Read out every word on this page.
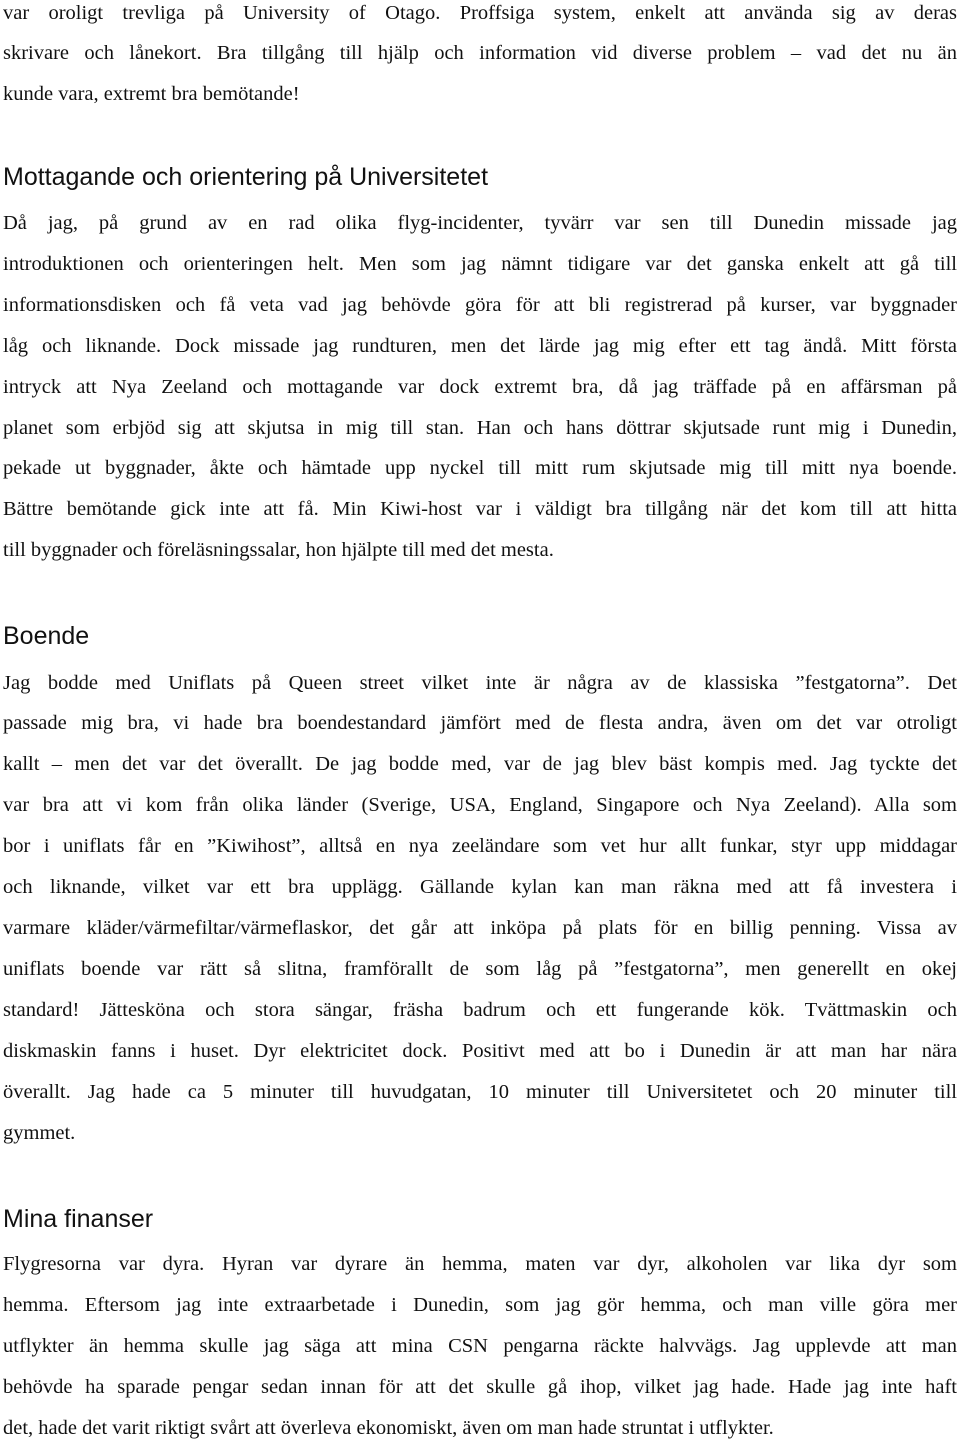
var oroligt trevliga på University of Otago. Proffsiga system, enkelt att använda sig av deras
skrivare och lånekort. Bra tillgång till hjälp och information vid diverse problem – vad det nu än
kunde vara, extremt bra bemötande!
Mottagande och orientering på Universitetet
Då jag, på grund av en rad olika flyg-incidenter, tyvärr var sen till Dunedin missade jag
introduktionen och orienteringen helt. Men som jag nämnt tidigare var det ganska enkelt att gå till
informationsdisken och få veta vad jag behövde göra för att bli registrerad på kurser, var byggnader
låg och liknande. Dock missade jag rundturen, men det lärde jag mig efter ett tag ändå. Mitt första
intryck att Nya Zeeland och mottagande var dock extremt bra, då jag träffade på en affärsman på
planet som erbjöd sig att skjutsa in mig till stan. Han och hans döttrar skjutsade runt mig i Dunedin,
pekade ut byggnader, åkte och hämtade upp nyckel till mitt rum skjutsade mig till mitt nya boende.
Bättre bemötande gick inte att få. Min Kiwi-host var i väldigt bra tillgång när det kom till att hitta
till byggnader och föreläsningssalar, hon hjälpte till med det mesta.
Boende
Jag bodde med Uniflats på Queen street vilket inte är några av de klassiska ”festgatorna”. Det
passade mig bra, vi hade bra boendestandard jämfört med de flesta andra, även om det var otroligt
kallt – men det var det överallt. De jag bodde med, var de jag blev bäst kompis med. Jag tyckte det
var bra att vi kom från olika länder (Sverige, USA, England, Singapore och Nya Zeeland). Alla som
bor i uniflats får en ”Kiwihost”, alltså en nya zeeländare som vet hur allt funkar, styr upp middagar
och liknande, vilket var ett bra upplägg. Gällande kylan kan man räkna med att få investera i
varmare kläder/värmefiltar/värmeflaskor, det går att inköpa på plats för en billig penning. Vissa av
uniflats boende var rätt så slitna, framförallt de som låg på ”festgatorna”, men generellt en okej
standard! Jättesköna och stora sängar, fräsha badrum och ett fungerande kök. Tvättmaskin och
diskmaskin fanns i huset. Dyr elektricitet dock. Positivt med att bo i Dunedin är att man har nära
överallt. Jag hade ca 5 minuter till huvudgatan, 10 minuter till Universitetet och 20 minuter till
gymmet.
Mina finanser
Flygresorna var dyra. Hyran var dyrare än hemma, maten var dyr, alkoholen var lika dyr som
hemma. Eftersom jag inte extraarbetade i Dunedin, som jag gör hemma, och man ville göra mer
utflykter än hemma skulle jag säga att mina CSN pengarna räckte halvvägs. Jag upplevde att man
behövde ha sparade pengar sedan innan för att det skulle gå ihop, vilket jag hade. Hade jag inte haft
det, hade det varit riktigt svårt att överleva ekonomiskt, även om man hade struntat i utflykter.
